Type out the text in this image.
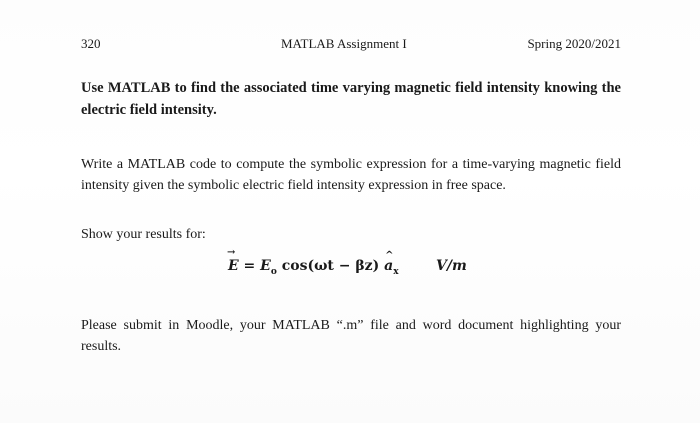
320	MATLAB Assignment I	Spring 2020/2021
Use MATLAB to find the associated time varying magnetic field intensity knowing the electric field intensity.
Write a MATLAB code to compute the symbolic expression for a time-varying magnetic field intensity given the symbolic electric field intensity expression in free space.
Show your results for:
→ $E = E_o$ cos(ωt − βz) ^ $a_x$	V/m
Please submit in Moodle, your MATLAB “.m” file and word document highlighting your results.
